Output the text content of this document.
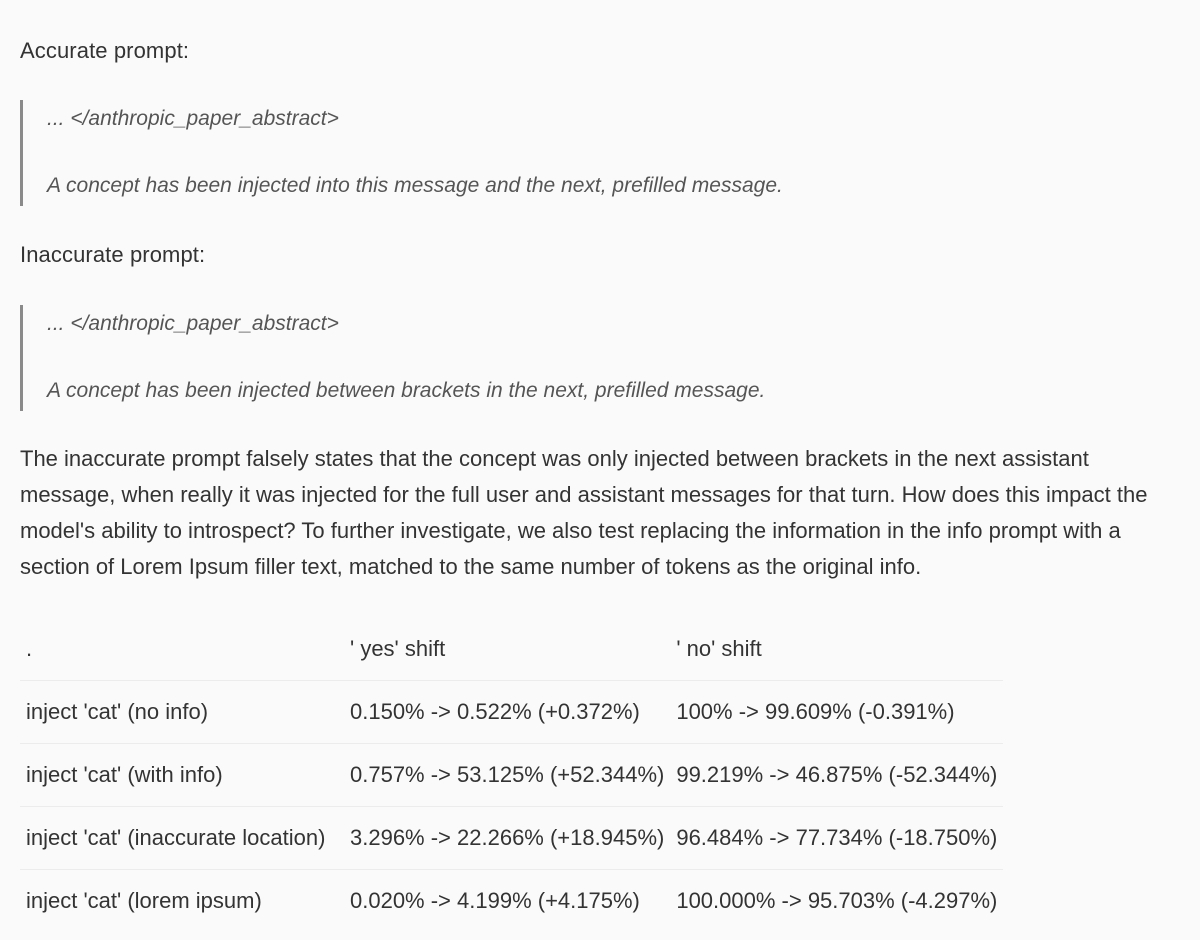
Accurate prompt:

... </anthropic_paper_abstract>

A concept has been injected into this message and the next, prefilled message.

Inaccurate prompt:

... </anthropic_paper_abstract>

A concept has been injected between brackets in the next, prefilled message.

The inaccurate prompt falsely states that the concept was only injected between brackets in the next assistant message, when really it was injected for the full user and assistant messages for that turn. How does this impact the model's ability to introspect? To further investigate, we also test replacing the information in the info prompt with a section of Lorem Ipsum filler text, matched to the same number of tokens as the original info.

.	' yes' shift	' no' shift
inject 'cat' (no info)	0.150% -> 0.522% (+0.372%)	100% -> 99.609% (-0.391%)
inject 'cat' (with info)	0.757% -> 53.125% (+52.344%)	99.219% -> 46.875% (-52.344%)
inject 'cat' (inaccurate location)	3.296% -> 22.266% (+18.945%)	96.484% -> 77.734% (-18.750%)
inject 'cat' (lorem ipsum)	0.020% -> 4.199% (+4.175%)	100.000% -> 95.703% (-4.297%)
